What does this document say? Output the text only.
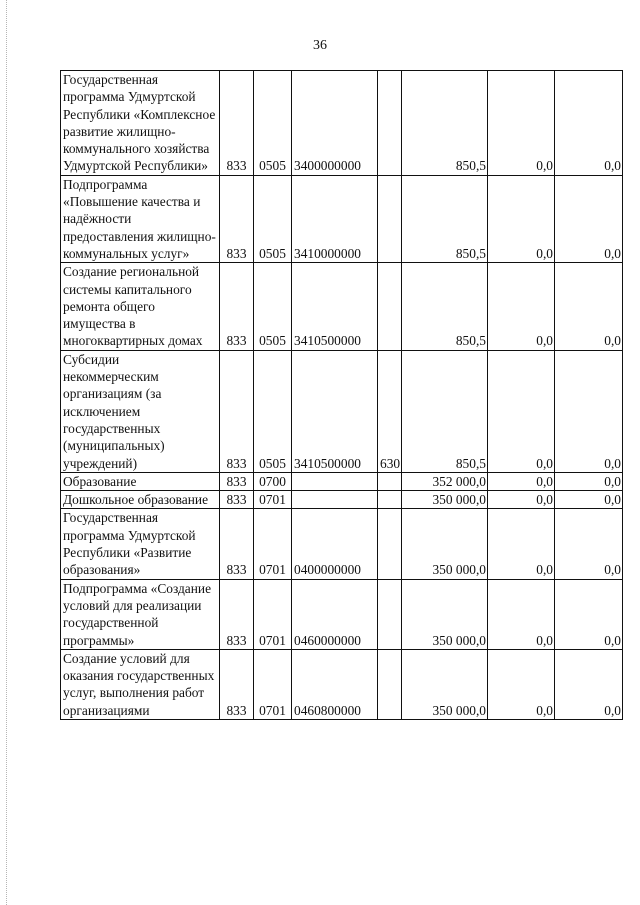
36
Государственная программа Удмуртской Республики «Комплексное развитие жилищно-коммунального хозяйства Удмуртской Республики»	833	0505	3400000000		850,5	0,0	0,0
Подпрограмма «Повышение качества и надёжности предоставления жилищно-коммунальных услуг»	833	0505	3410000000		850,5	0,0	0,0
Создание региональной системы капитального ремонта общего имущества в многоквартирных домах	833	0505	3410500000		850,5	0,0	0,0
Субсидии некоммерческим организациям (за исключением государственных (муниципальных) учреждений)	833	0505	3410500000	630	850,5	0,0	0,0
Образование	833	0700			352 000,0	0,0	0,0
Дошкольное образование	833	0701			350 000,0	0,0	0,0
Государственная программа Удмуртской Республики «Развитие образования»	833	0701	0400000000		350 000,0	0,0	0,0
Подпрограмма «Создание условий для реализации государственной программы»	833	0701	0460000000		350 000,0	0,0	0,0
Создание условий для оказания государственных услуг, выполнения работ организациями	833	0701	0460800000		350 000,0	0,0	0,0
